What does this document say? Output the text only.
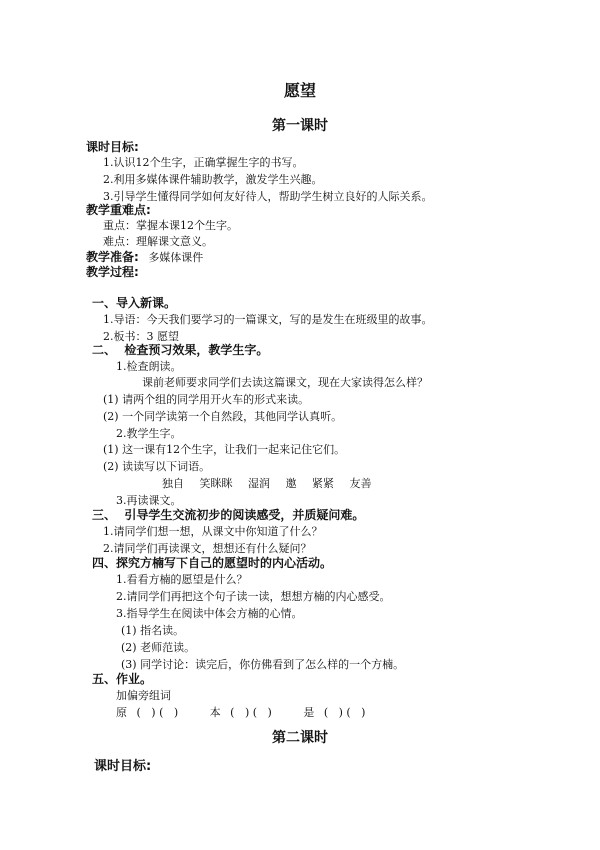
愿望
第一课时
课时目标:
1.认识12个生字，正确掌握生字的书写。
2.利用多媒体课件辅助教学，激发学生兴趣。
3.引导学生懂得同学如何友好待人，帮助学生树立良好的人际关系。
教学重难点:
重点：掌握本课12个生字。
难点：理解课文意义。
教学准备: 多媒体课件
教学过程:
一、导入新课。
1.导语：今天我们要学习的一篇课文，写的是发生在班级里的故事。
2.板书：3 愿望
二、  检查预习效果，教学生字。
1.检查朗读。
课前老师要求同学们去读这篇课文，现在大家读得怎么样？
(1) 请两个组的同学用开火车的形式来读。
(2) 一个同学读第一个自然段，其他同学认真听。
2.教学生字。
(1) 这一课有12个生字，让我们一起来记住它们。
(2) 读读写以下词语。
独自 笑眯眯 湿润 邀 紧紧 友善
3.再读课文。
三、  引导学生交流初步的阅读感受，并质疑问难。
1.请同学们想一想，从课文中你知道了什么？
2.请同学们再读课文，想想还有什么疑问？
四、探究方楠写下自己的愿望时的内心活动。
1.看看方楠的愿望是什么？
2.请同学们再把这个句子读一读，想想方楠的内心感受。
3.指导学生在阅读中体会方楠的心情。
(1) 指名读。
(2) 老师范读。
(3) 同学讨论：读完后，你仿佛看到了怎么样的一个方楠。
五、作业。
加偏旁组词
原 (   ) (   )	本 (   ) (   )	是 (   ) (   )
第二课时
课时目标:
